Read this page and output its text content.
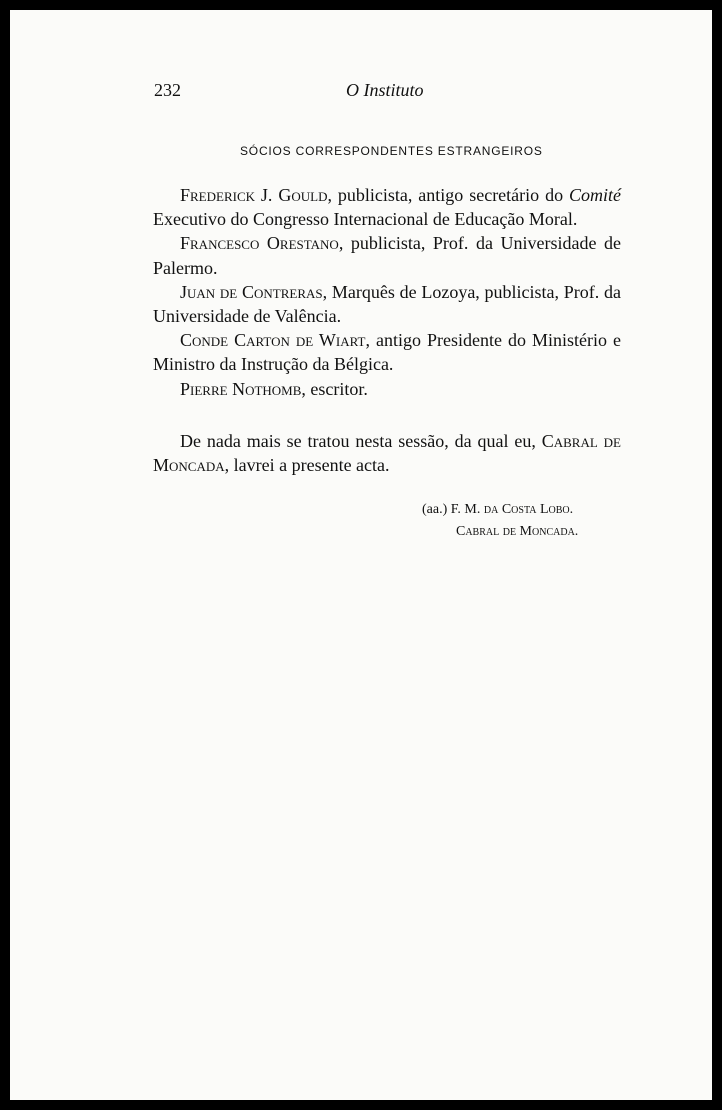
232	O Instituto
SÓCIOS CORRESPONDENTES ESTRANGEIROS

Frederick J. Gould, publicista, antigo secretário do Comité Executivo do Congresso Internacional de Educação Moral.

Francesco Orestano, publicista, Prof. da Universidade de Palermo.

Juan de Contreras, Marquês de Lozoya, publicista, Prof. da Universidade de Valência.

Conde Carton de Wiart, antigo Presidente do Ministério e Ministro da Instrução da Bélgica.

Pierre Nothomb, escritor.

De nada mais se tratou nesta sessão, da qual eu, Cabral de Moncada, lavrei a presente acta.

(aa.) F. M. da Costa Lobo.
Cabral de Moncada.
